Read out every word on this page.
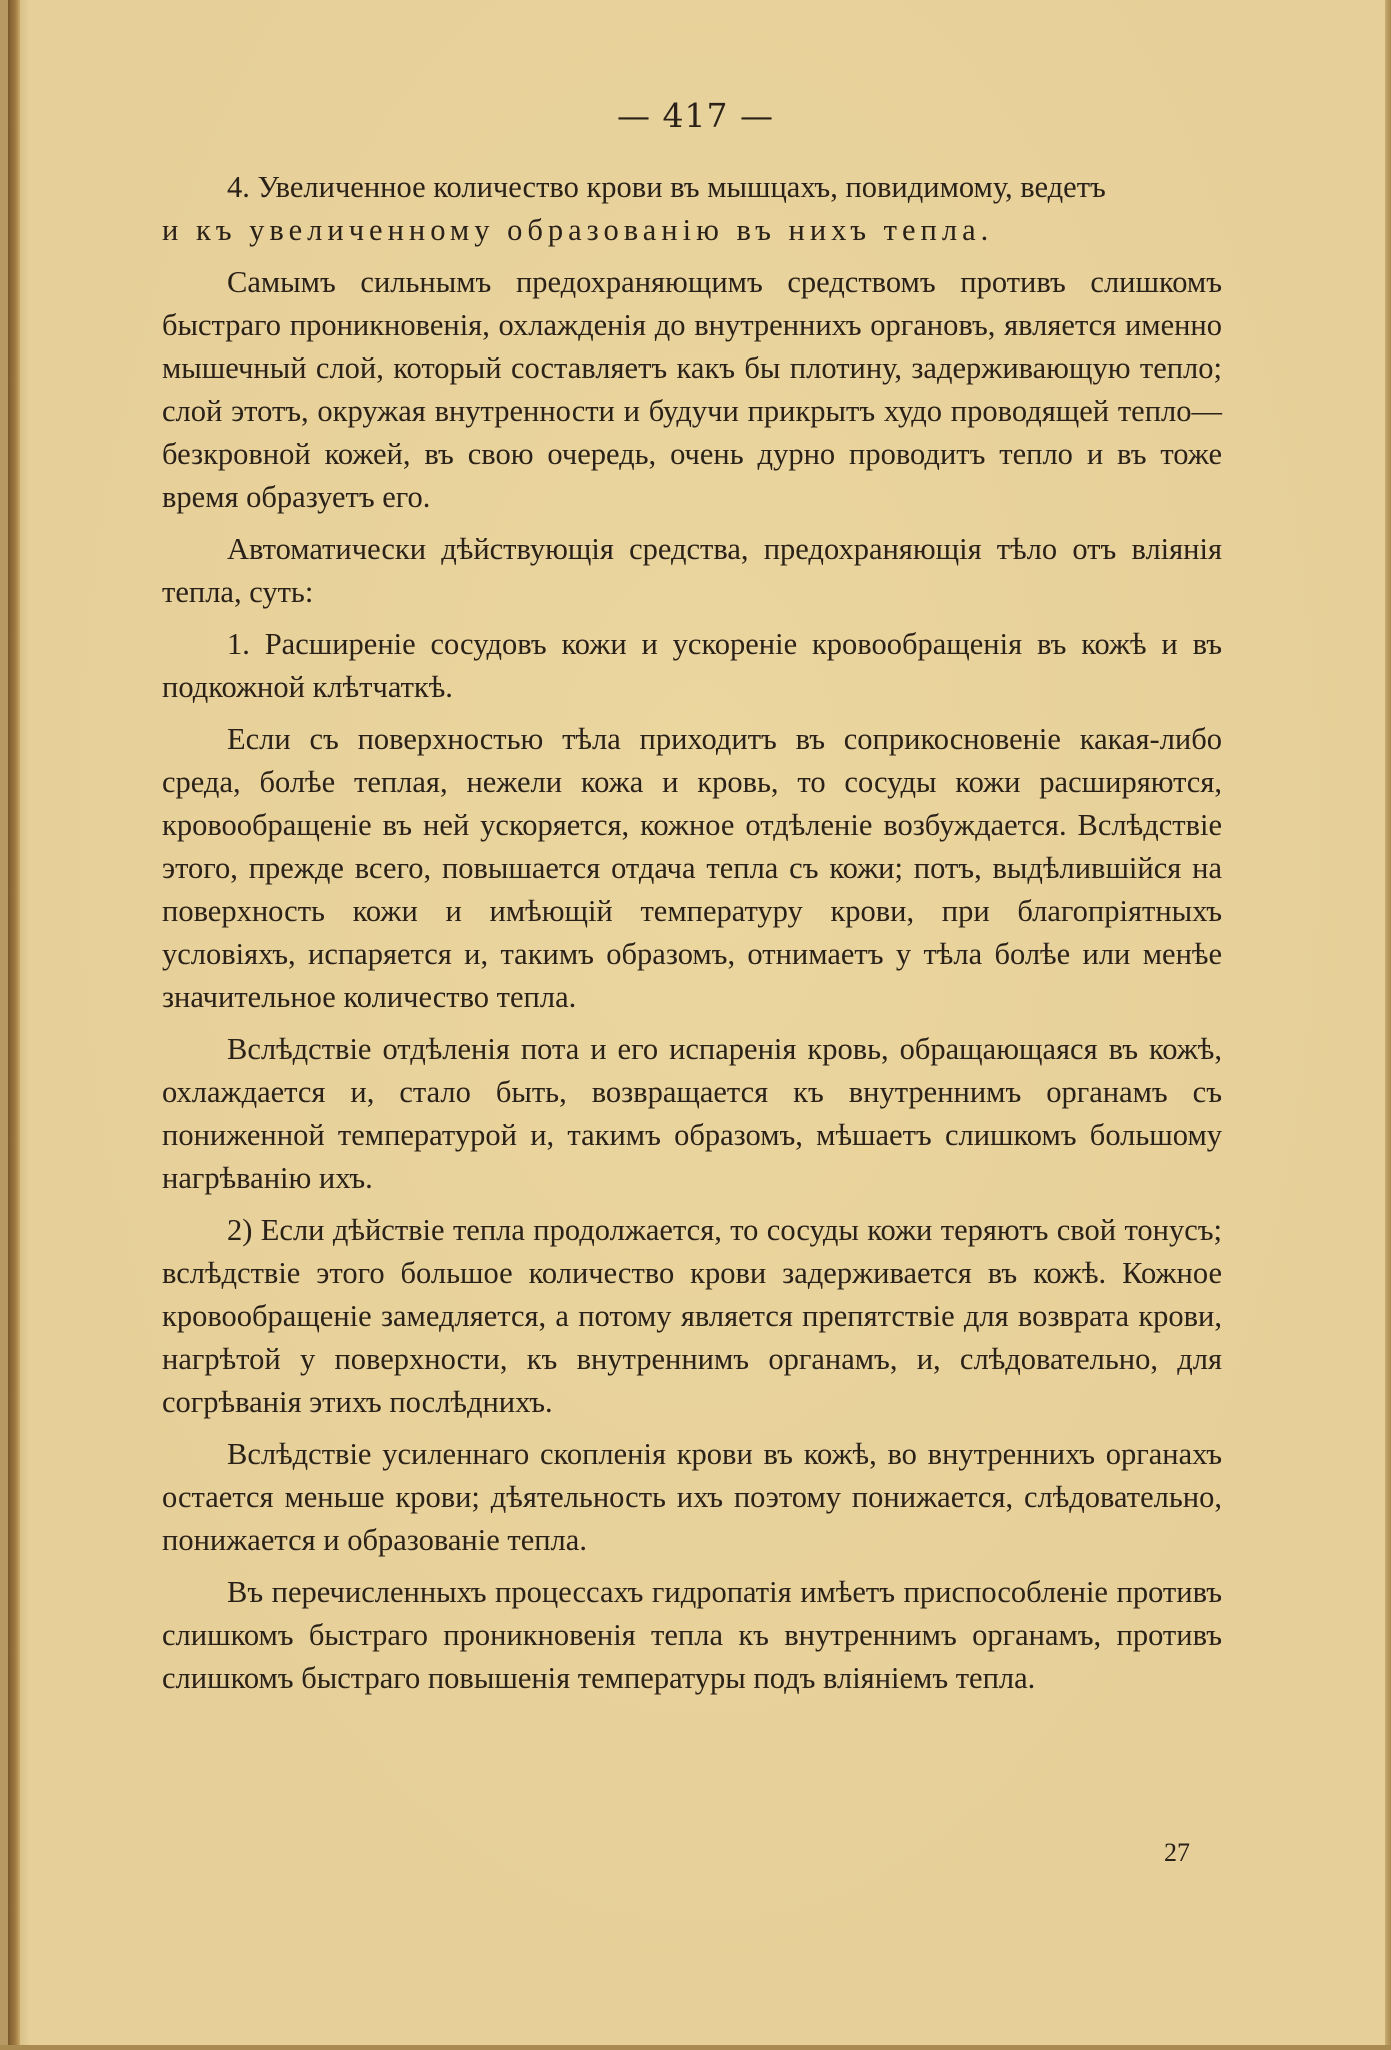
— 417 —

4. Увеличенное количество крови въ мышцахъ, повидимому, ведетъ

и къ увеличенному образованію въ нихъ тепла.

Самымъ сильнымъ предохраняющимъ средствомъ противъ слишкомъ быстраго проникновенія, охлажденія до внутреннихъ органовъ, является именно мышечный слой, который составляетъ какъ бы плотину, задерживающую тепло; слой этотъ, окружая внутренности и будучи прикрытъ худо проводящей тепло—безкровной кожей, въ свою очередь, очень дурно проводитъ тепло и въ тоже время образуетъ его.

Автоматически дѣйствующія средства, предохраняющія тѣло отъ вліянія тепла, суть:

1. Расширеніе сосудовъ кожи и ускореніе кровообращенія въ кожѣ и въ подкожной клѣтчаткѣ.

Если съ поверхностью тѣла приходитъ въ соприкосновеніе какая-либо среда, болѣе теплая, нежели кожа и кровь, то сосуды кожи расширяются, кровообращеніе въ ней ускоряется, кожное отдѣленіе возбуждается. Вслѣдствіе этого, прежде всего, повышается отдача тепла съ кожи; потъ, выдѣлившійся на поверхность кожи и имѣющій температуру крови, при благопріятныхъ условіяхъ, испаряется и, такимъ образомъ, отнимаетъ у тѣла болѣе или менѣе значительное количество тепла.

Вслѣдствіе отдѣленія пота и его испаренія кровь, обращающаяся въ кожѣ, охлаждается и, стало быть, возвращается къ внутреннимъ органамъ съ пониженной температурой и, такимъ образомъ, мѣшаетъ слишкомъ большому нагрѣванію ихъ.

2) Если дѣйствіе тепла продолжается, то сосуды кожи теряютъ свой тонусъ; вслѣдствіе этого большое количество крови задерживается въ кожѣ. Кожное кровообращеніе замедляется, а потому является препятствіе для возврата крови, нагрѣтой у поверхности, къ внутреннимъ органамъ, и, слѣдовательно, для согрѣванія этихъ послѣднихъ.

Вслѣдствіе усиленнаго скопленія крови въ кожѣ, во внутреннихъ органахъ остается меньше крови; дѣятельность ихъ поэтому понижается, слѣдовательно, понижается и образованіе тепла.

Въ перечисленныхъ процессахъ гидропатія имѣетъ приспособленіе противъ слишкомъ быстраго проникновенія тепла къ внутреннимъ органамъ, противъ слишкомъ быстраго повышенія температуры подъ вліяніемъ тепла.

27
